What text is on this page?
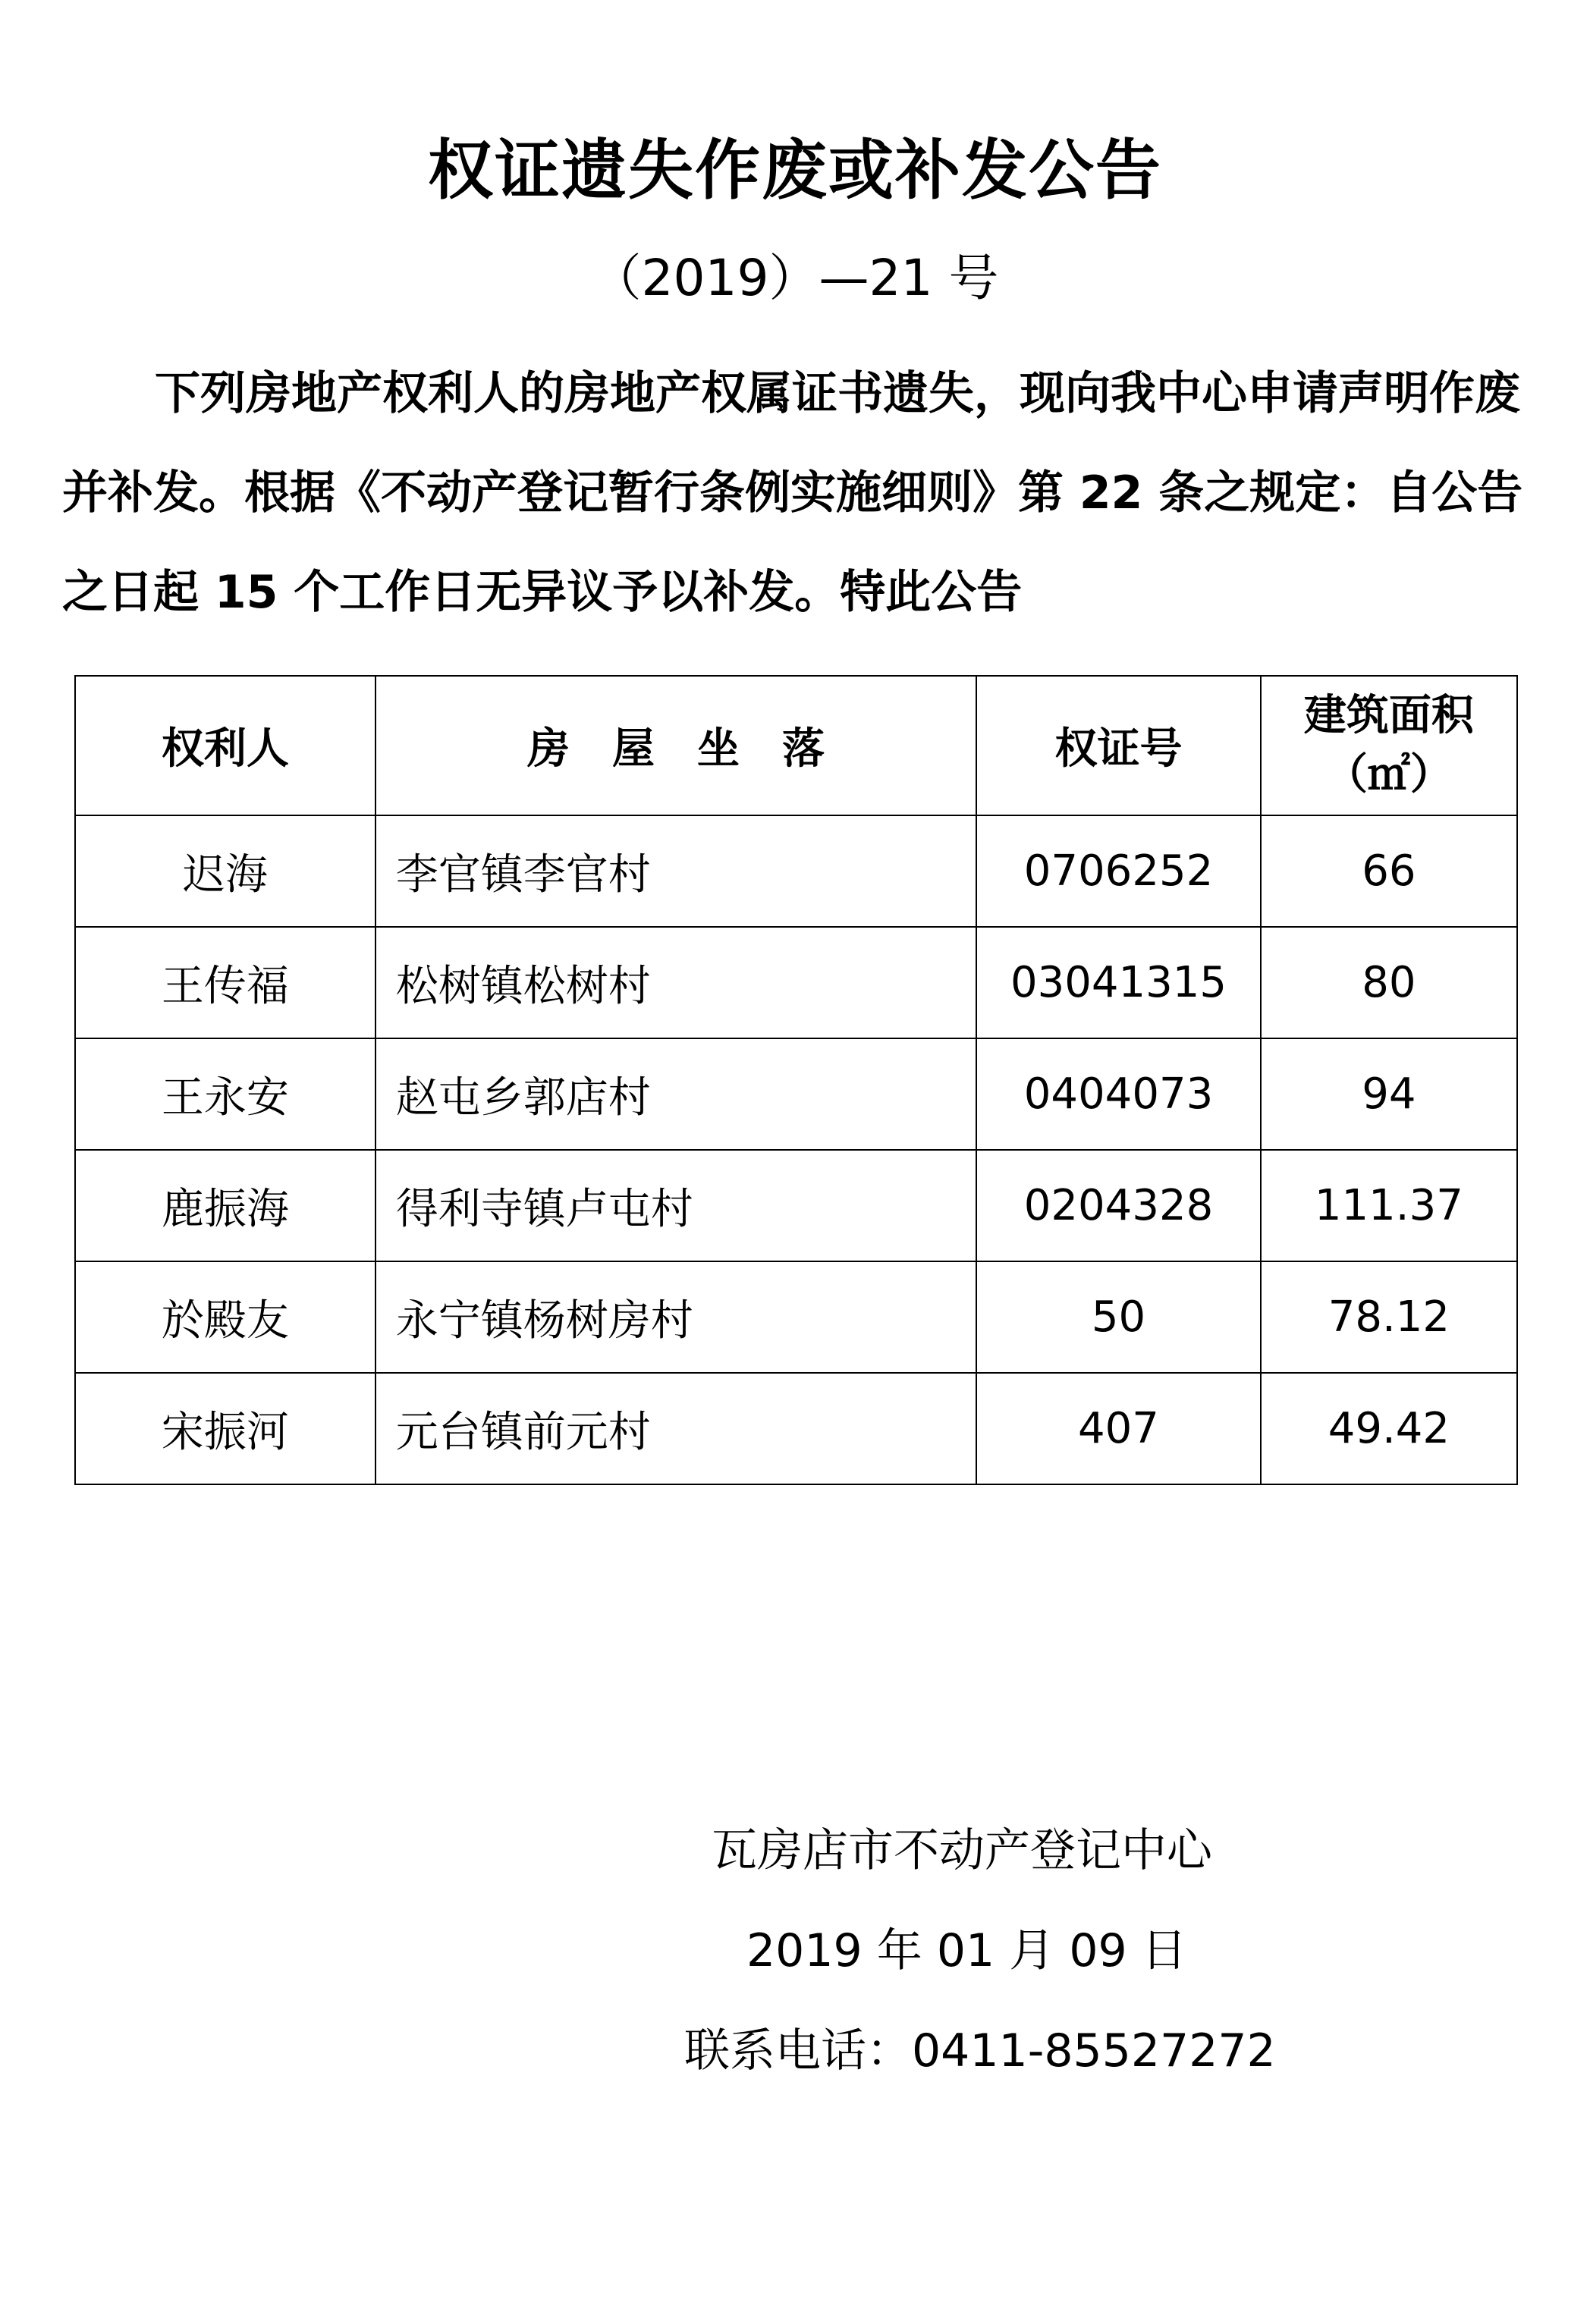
权证遗失作废或补发公告
（2019）—21 号
下列房地产权利人的房地产权属证书遗失，现向我中心申请声明作废并补发。根据《不动产登记暂行条例实施细则》第 22 条之规定：自公告之日起 15 个工作日无异议予以补发。特此公告
权利人	房　屋　坐　落	权证号	建筑面积
（㎡）

迟海	李官镇李官村	0706252	66
王传福	松树镇松树村	03041315	80
王永安	赵屯乡郭店村	0404073	94
鹿振海	得利寺镇卢屯村	0204328	111.37
於殿友	永宁镇杨树房村	50	78.12
宋振河	元台镇前元村	407	49.42
瓦房店市不动产登记中心
2019 年 01 月 09 日
联系电话：0411-85527272
